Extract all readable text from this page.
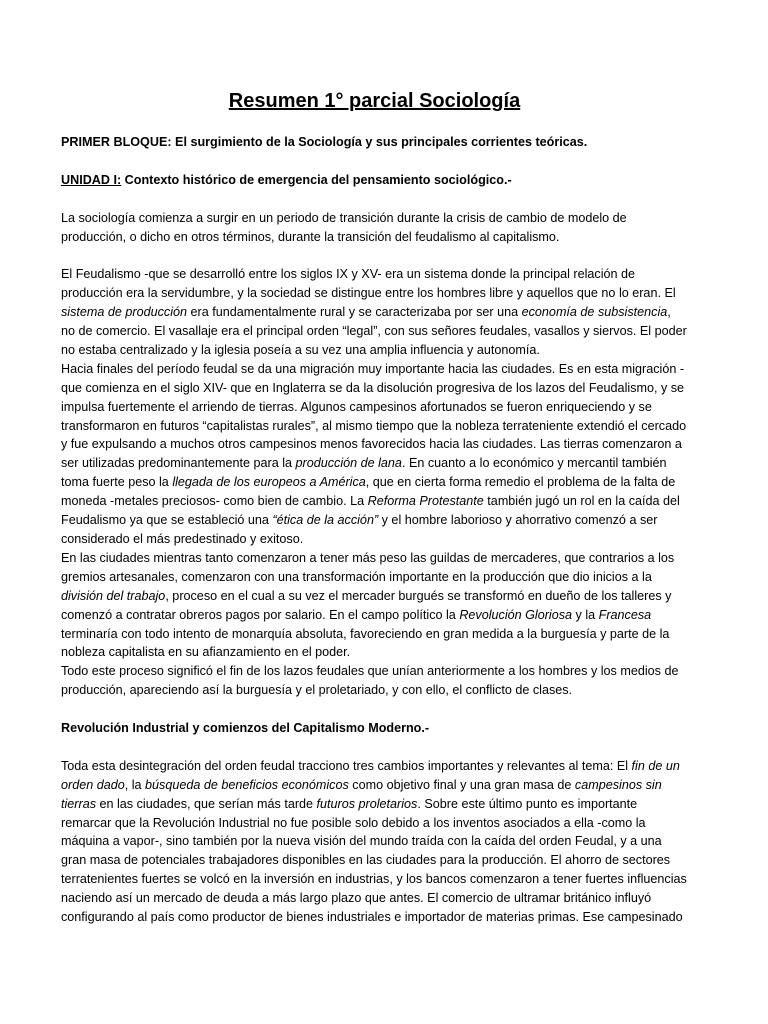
Resumen 1° parcial Sociología

PRIMER BLOQUE: El surgimiento de la Sociología y sus principales corrientes teóricas.

UNIDAD I: Contexto histórico de emergencia del pensamiento sociológico.-

La sociología comienza a surgir en un periodo de transición durante la crisis de cambio de modelo de producción, o dicho en otros términos, durante la transición del feudalismo al capitalismo.

El Feudalismo -que se desarrolló entre los siglos IX y XV- era un sistema donde la principal relación de producción era la servidumbre, y la sociedad se distingue entre los hombres libre y aquellos que no lo eran. El sistema de producción era fundamentalmente rural y se caracterizaba por ser una economía de subsistencia, no de comercio. El vasallaje era el principal orden “legal”, con sus señores feudales, vasallos y siervos. El poder no estaba centralizado y la iglesia poseía a su vez una amplia influencia y autonomía.

Hacia finales del período feudal se da una migración muy importante hacia las ciudades. Es en esta migración -que comienza en el siglo XIV- que en Inglaterra se da la disolución progresiva de los lazos del Feudalismo, y se impulsa fuertemente el arriendo de tierras. Algunos campesinos afortunados se fueron enriqueciendo y se transformaron en futuros “capitalistas rurales”, al mismo tiempo que la nobleza terrateniente extendió el cercado y fue expulsando a muchos otros campesinos menos favorecidos hacia las ciudades. Las tierras comenzaron a ser utilizadas predominantemente para la producción de lana. En cuanto a lo económico y mercantil también toma fuerte peso la llegada de los europeos a América, que en cierta forma remedio el problema de la falta de moneda -metales preciosos- como bien de cambio. La Reforma Protestante también jugó un rol en la caída del Feudalismo ya que se estableció una “ética de la acción” y el hombre laborioso y ahorrativo comenzó a ser considerado el más predestinado y exitoso.

En las ciudades mientras tanto comenzaron a tener más peso las guildas de mercaderes, que contrarios a los gremios artesanales, comenzaron con una transformación importante en la producción que dio inicios a la división del trabajo, proceso en el cual a su vez el mercader burgués se transformó en dueño de los talleres y comenzó a contratar obreros pagos por salario. En el campo político la Revolución Gloriosa y la Francesa terminaría con todo intento de monarquía absoluta, favoreciendo en gran medida a la burguesía y parte de la nobleza capitalista en su afianzamiento en el poder.

Todo este proceso significó el fin de los lazos feudales que unían anteriormente a los hombres y los medios de producción, apareciendo así la burguesía y el proletariado, y con ello, el conflicto de clases.

Revolución Industrial y comienzos del Capitalismo Moderno.-

Toda esta desintegración del orden feudal tracciono tres cambios importantes y relevantes al tema: El fin de un orden dado, la búsqueda de beneficios económicos como objetivo final y una gran masa de campesinos sin tierras en las ciudades, que serían más tarde futuros proletarios. Sobre este último punto es importante remarcar que la Revolución Industrial no fue posible solo debido a los inventos asociados a ella -como la máquina a vapor-, sino también por la nueva visión del mundo traída con la caída del orden Feudal, y a una gran masa de potenciales trabajadores disponibles en las ciudades para la producción. El ahorro de sectores terratenientes fuertes se volcó en la inversión en industrias, y los bancos comenzaron a tener fuertes influencias naciendo así un mercado de deuda a más largo plazo que antes. El comercio de ultramar británico influyó configurando al país como productor de bienes industriales e importador de materias primas. Ese campesinado
